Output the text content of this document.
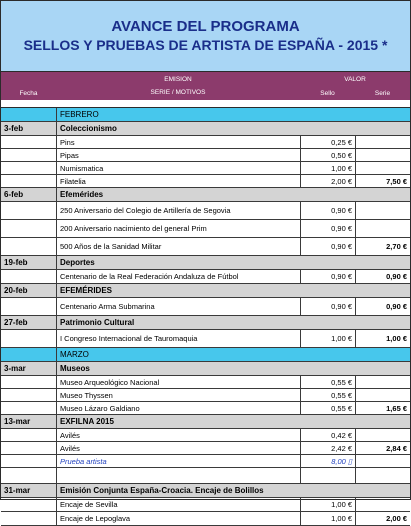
AVANCE DEL PROGRAMA
SELLOS Y PRUEBAS DE ARTISTA DE ESPAÑA - 2015 *
Fecha
EMISION
SERIE / MOTIVOS
VALOR
Sello	Serie
FEBRERO
3-feb	Coleccionismo
Pins	0,25 €
Pipas	0,50 €
Numismatica	1,00 €
Filatelia	2,00 €	7,50 €
6-feb	Efemérides
250 Aniversario del Colegio de Artillería de Segovia	0,90 €
200 Aniversario nacimiento del general Prim	0,90 €
500 Años de la Sanidad Militar	0,90 €	2,70 €
19-feb	Deportes
Centenario de la Real Federación Andaluza de Fútbol	0,90 €	0,90 €
20-feb	EFEMÉRIDES
Centenario Arma Submarina	0,90 €	0,90 €
27-feb	Patrimonio Cultural
I Congreso Internacional de Tauromaquia	1,00 €	1,00 €
MARZO
3-mar	Museos
Museo Arqueológico Nacional	0,55 €
Museo Thyssen	0,55 €
Museo Lázaro Galdiano	0,55 €	1,65 €
13-mar	EXFILNA 2015
Avilés	0,42 €
Avilés	2,42 €	2,84 €
Prueba artista	8,00 ▯
31-mar	Emisión Conjunta España-Croacia. Encaje de Bolillos
Encaje de Sevilla	1,00 €
Encaje de Lepoglava	1,00 €	2,00 €
